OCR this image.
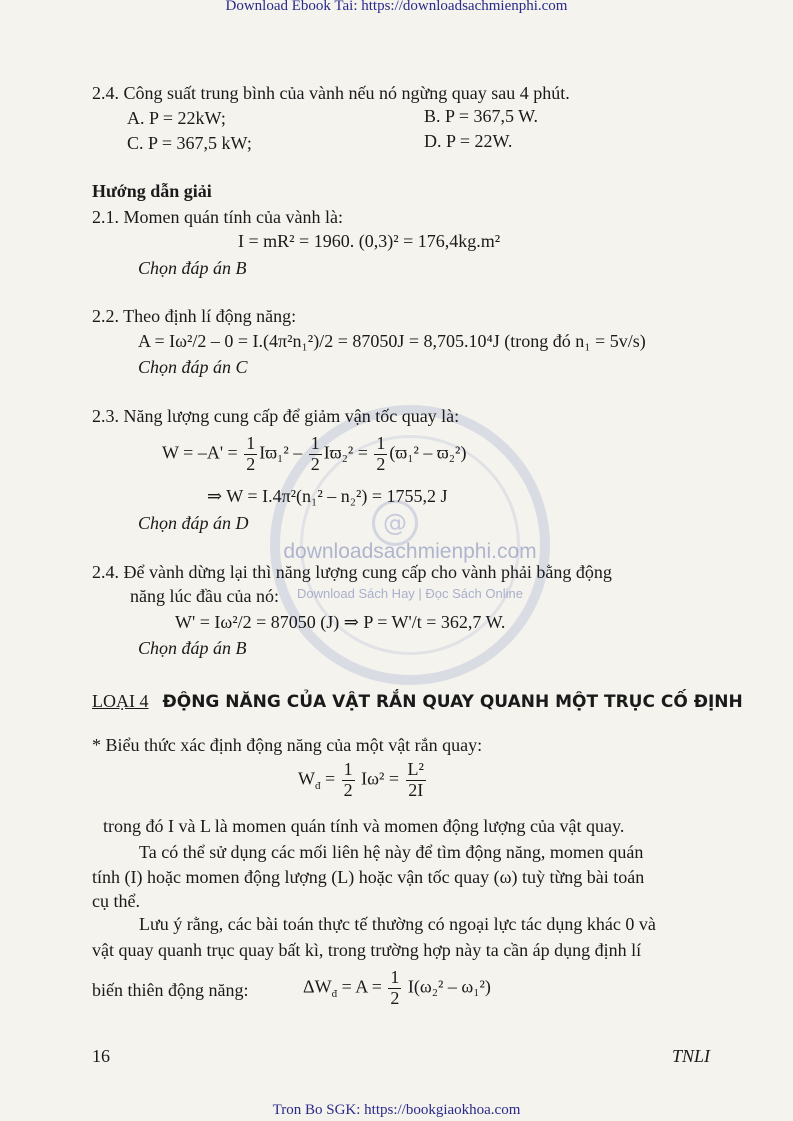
Download Ebook Tai: https://downloadsachmienphi.com
@
downloadsachmienphi.com
Download Sách Hay | Đọc Sách Online
2.4. Công suất trung bình của vành nếu nó ngừng quay sau 4 phút.
A. P = 22kW;	B. P = 367,5 W.
C. P = 367,5 kW;	D. P = 22W.
Hướng dẫn giải
2.1. Momen quán tính của vành là:
I = mR² = 1960. (0,3)² = 176,4kg.m²
Chọn đáp án B
2.2. Theo định lí động năng:
A = Iω²/2 – 0 = I.(4π²n₁²)/2 = 87050J = 8,705.10⁴J (trong đó n₁ = 5v/s)
Chọn đáp án C
2.3. Năng lượng cung cấp để giảm vận tốc quay là:
$W = -A' = \frac{1}{2} Iϖ_1^2 - \frac{1}{2} Iϖ_2^2 = \frac{1}{2} (ϖ_1^2 - ϖ_2^2)$
⇒ W = I.4π²(n₁² – n₂²) = 1755,2 J
Chọn đáp án D
2.4. Để vành dừng lại thì năng lượng cung cấp cho vành phải bằng động
năng lúc đầu của nó:
W' = Iω²/2 = 87050 (J) ⇒ P = W'/t = 362,7 W.
Chọn đáp án B
LOẠI 4 ĐỘNG NĂNG CỦA VẬT RẮN QUAY QUANH MỘT TRỤC CỐ ĐỊNH
* Biểu thức xác định động năng của một vật rắn quay:
$W_đ = \frac{1}{2} I\omega^2 = \frac{\text{L²}}{2I}$
trong đó I và L là momen quán tính và momen động lượng của vật quay.
Ta có thể sử dụng các mối liên hệ này để tìm động năng, momen quán
tính (I) hoặc momen động lượng (L) hoặc vận tốc quay (ω) tuỳ từng bài toán
cụ thể.
Lưu ý rằng, các bài toán thực tế thường có ngoại lực tác dụng khác 0 và
vật quay quanh trục quay bất kì, trong trường hợp này ta cần áp dụng định lí
biến thiên động năng:	$\Delta W_đ = A = \frac{1}{2} I(\omega_2^2 - \omega_1^2)$
16	TNLI
Tron Bo SGK: https://bookgiaokhoa.com
